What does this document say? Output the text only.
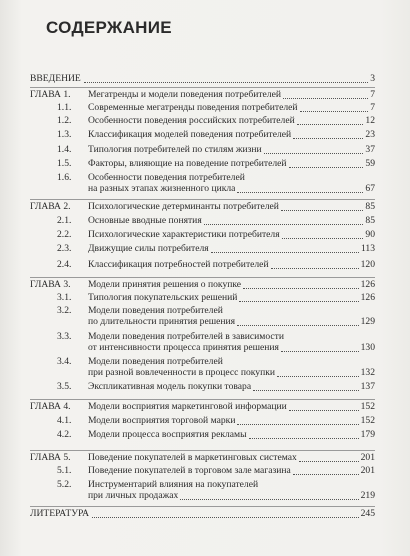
СОДЕРЖАНИЕ
ВВЕДЕНИЕ	3
ГЛАВА 1. Мегатренды и модели поведения потребителей	7
1.1. Современные мегатренды поведения потребителей	7
1.2. Особенности поведения российских потребителей	12
1.3. Классификация моделей поведения потребителей	23
1.4. Типология потребителей по стилям жизни	37
1.5. Факторы, влияющие на поведение потребителей	59
1.6. Особенности поведения потребителей
на разных этапах жизненного цикла	67
ГЛАВА 2. Психологические детерминанты потребителей	85
2.1. Основные вводные понятия	85
2.2. Психологические характеристики потребителя	90
2.3. Движущие силы потребителя	113
2.4. Классификация потребностей потребителей	120
ГЛАВА 3. Модели принятия решения о покупке	126
3.1. Типология покупательских решений	126
3.2. Модели поведения потребителей
по длительности принятия решения	129
3.3. Модели поведения потребителей в зависимости
от интенсивности процесса принятия решения	130
3.4. Модели поведения потребителей
при разной вовлеченности в процесс покупки	132
3.5. Экспликативная модель покупки товара	137
ГЛАВА 4. Модели восприятия маркетинговой информации	152
4.1. Модели восприятия торговой марки	152
4.2. Модели процесса восприятия рекламы	179
ГЛАВА 5. Поведение покупателей в маркетинговых системах	201
5.1. Поведение покупателей в торговом зале магазина	201
5.2. Инструментарий влияния на покупателей
при личных продажах	219
ЛИТЕРАТУРА	245
